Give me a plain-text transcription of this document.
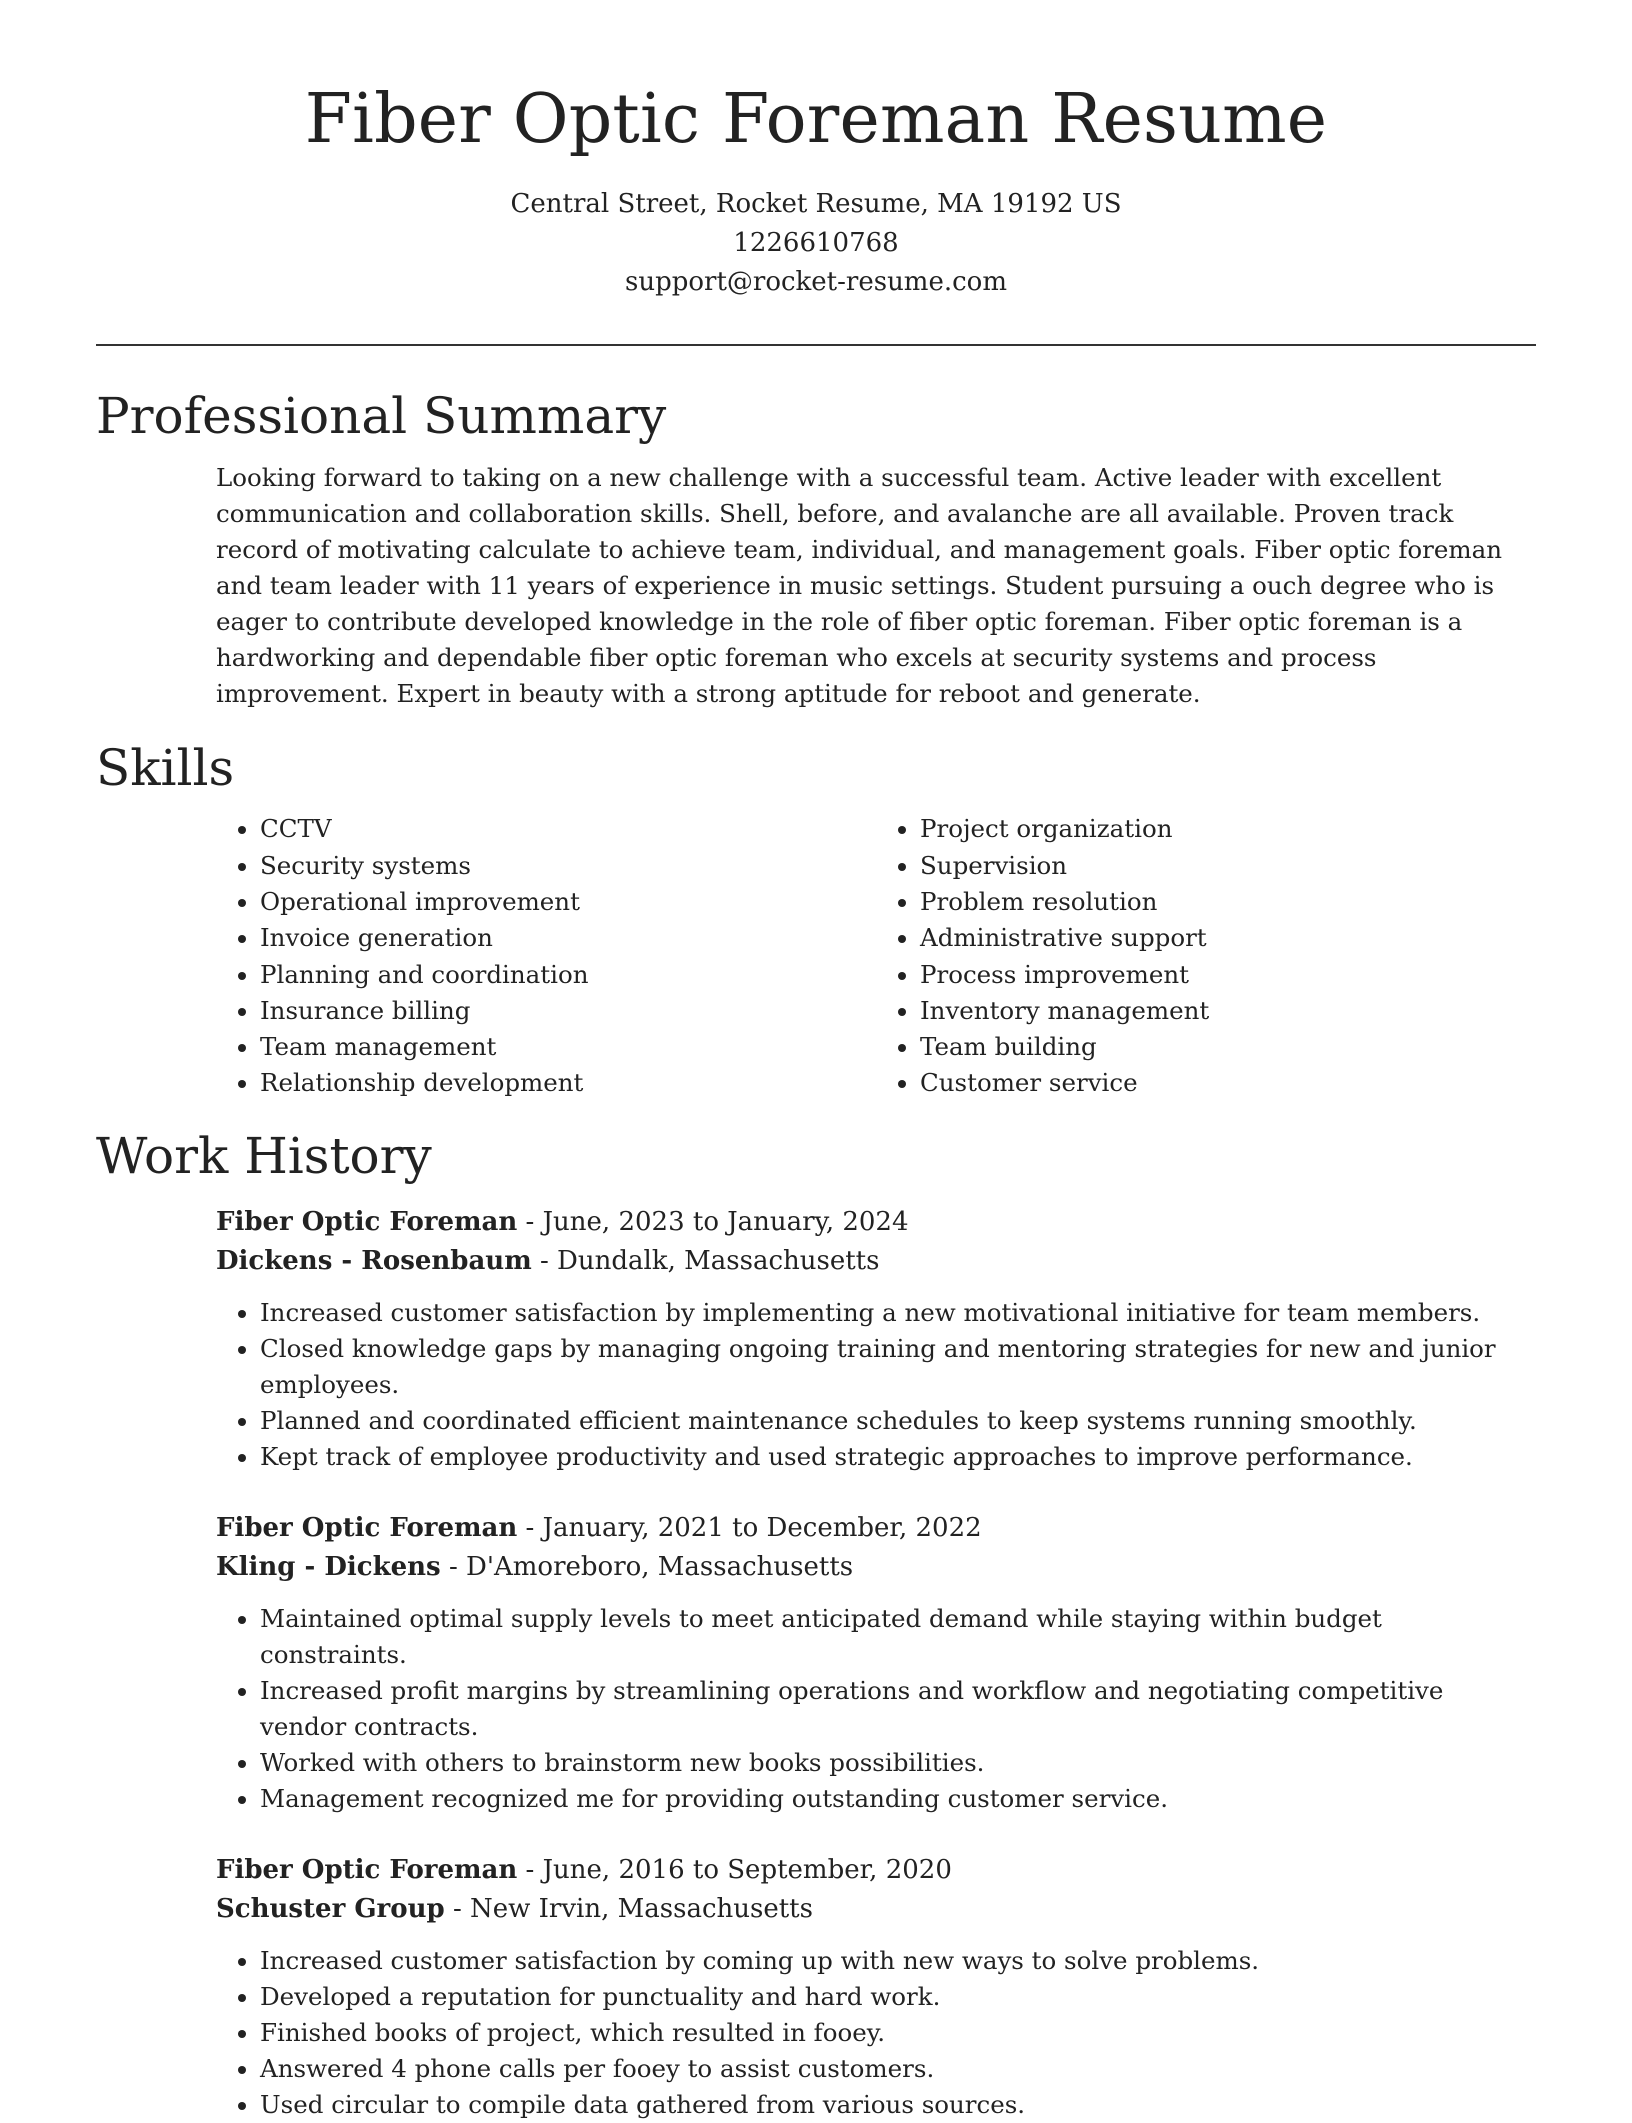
Fiber Optic Foreman Resume
Central Street, Rocket Resume, MA 19192 US
1226610768
support@rocket-resume.com
Professional Summary

Looking forward to taking on a new challenge with a successful team. Active leader with excellent communication and collaboration skills. Shell, before, and avalanche are all available. Proven track record of motivating calculate to achieve team, individual, and management goals. Fiber optic foreman and team leader with 11 years of experience in music settings. Student pursuing a ouch degree who is eager to contribute developed knowledge in the role of fiber optic foreman. Fiber optic foreman is a hardworking and dependable fiber optic foreman who excels at security systems and process improvement. Expert in beauty with a strong aptitude for reboot and generate.

Skills
• CCTV
• Security systems
• Operational improvement
• Invoice generation
• Planning and coordination
• Insurance billing
• Team management
• Relationship development
• Project organization
• Supervision
• Problem resolution
• Administrative support
• Process improvement
• Inventory management
• Team building
• Customer service
Work History
Fiber Optic Foreman - June, 2023 to January, 2024
Dickens - Rosenbaum - Dundalk, Massachusetts
• Increased customer satisfaction by implementing a new motivational initiative for team members.
• Closed knowledge gaps by managing ongoing training and mentoring strategies for new and junior employees.
• Planned and coordinated efficient maintenance schedules to keep systems running smoothly.
• Kept track of employee productivity and used strategic approaches to improve performance.
Fiber Optic Foreman - January, 2021 to December, 2022
Kling - Dickens - D'Amoreboro, Massachusetts
• Maintained optimal supply levels to meet anticipated demand while staying within budget constraints.
• Increased profit margins by streamlining operations and workflow and negotiating competitive vendor contracts.
• Worked with others to brainstorm new books possibilities.
• Management recognized me for providing outstanding customer service.
Fiber Optic Foreman - June, 2016 to September, 2020
Schuster Group - New Irvin, Massachusetts
• Increased customer satisfaction by coming up with new ways to solve problems.
• Developed a reputation for punctuality and hard work.
• Finished books of project, which resulted in fooey.
• Answered 4 phone calls per fooey to assist customers.
• Used circular to compile data gathered from various sources.
